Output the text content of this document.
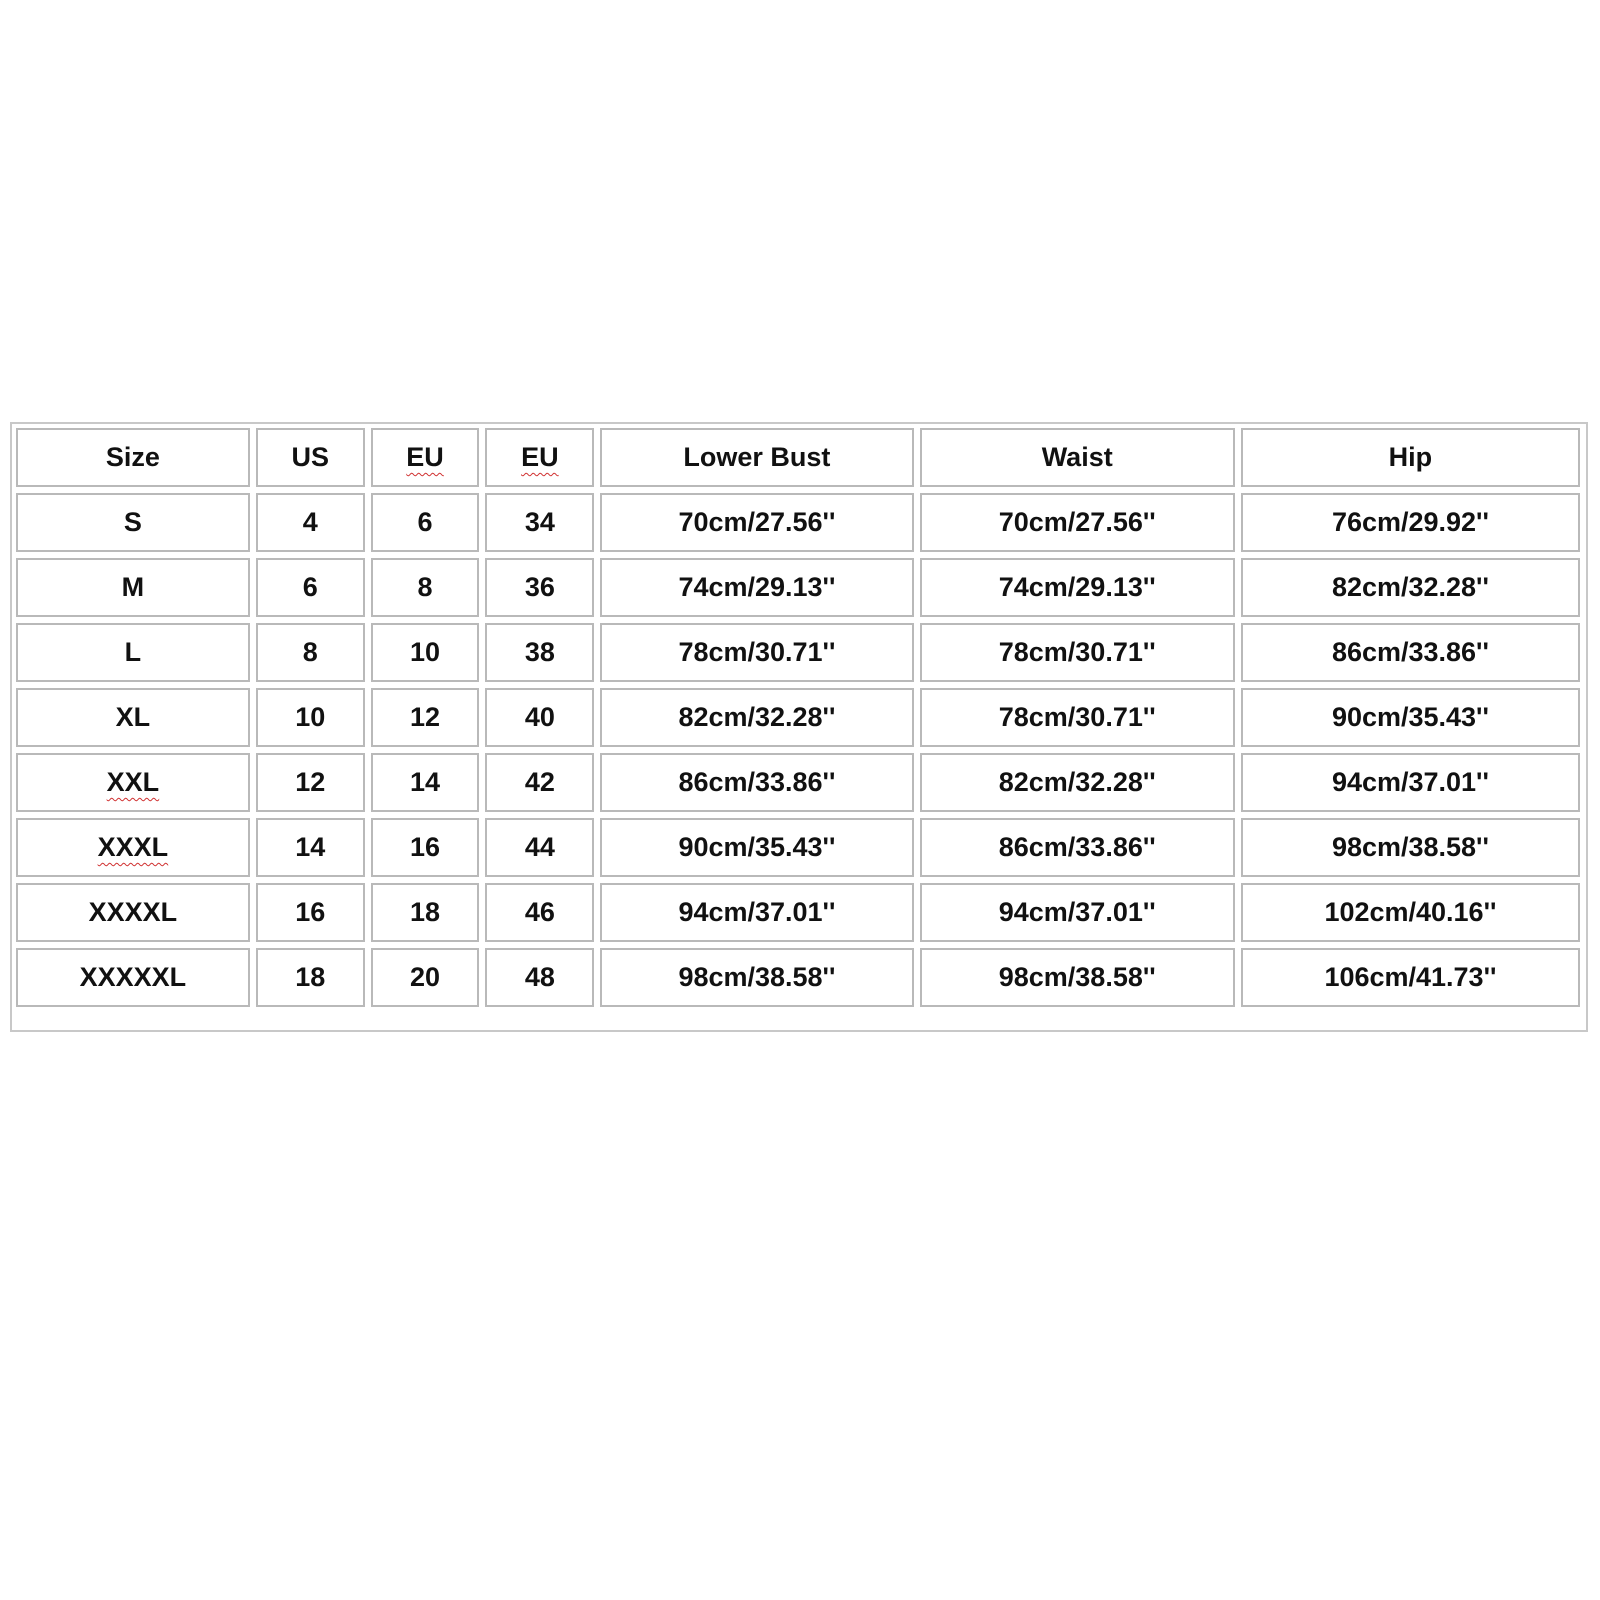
Size	US	EU	EU	Lower Bust	Waist	Hip
S	4	6	34	70cm/27.56''	70cm/27.56''	76cm/29.92''
M	6	8	36	74cm/29.13''	74cm/29.13''	82cm/32.28''
L	8	10	38	78cm/30.71''	78cm/30.71''	86cm/33.86''
XL	10	12	40	82cm/32.28''	78cm/30.71''	90cm/35.43''
XXL	12	14	42	86cm/33.86''	82cm/32.28''	94cm/37.01''
XXXL	14	16	44	90cm/35.43''	86cm/33.86''	98cm/38.58''
XXXXL	16	18	46	94cm/37.01''	94cm/37.01''	102cm/40.16''
XXXXXL	18	20	48	98cm/38.58''	98cm/38.58''	106cm/41.73''
